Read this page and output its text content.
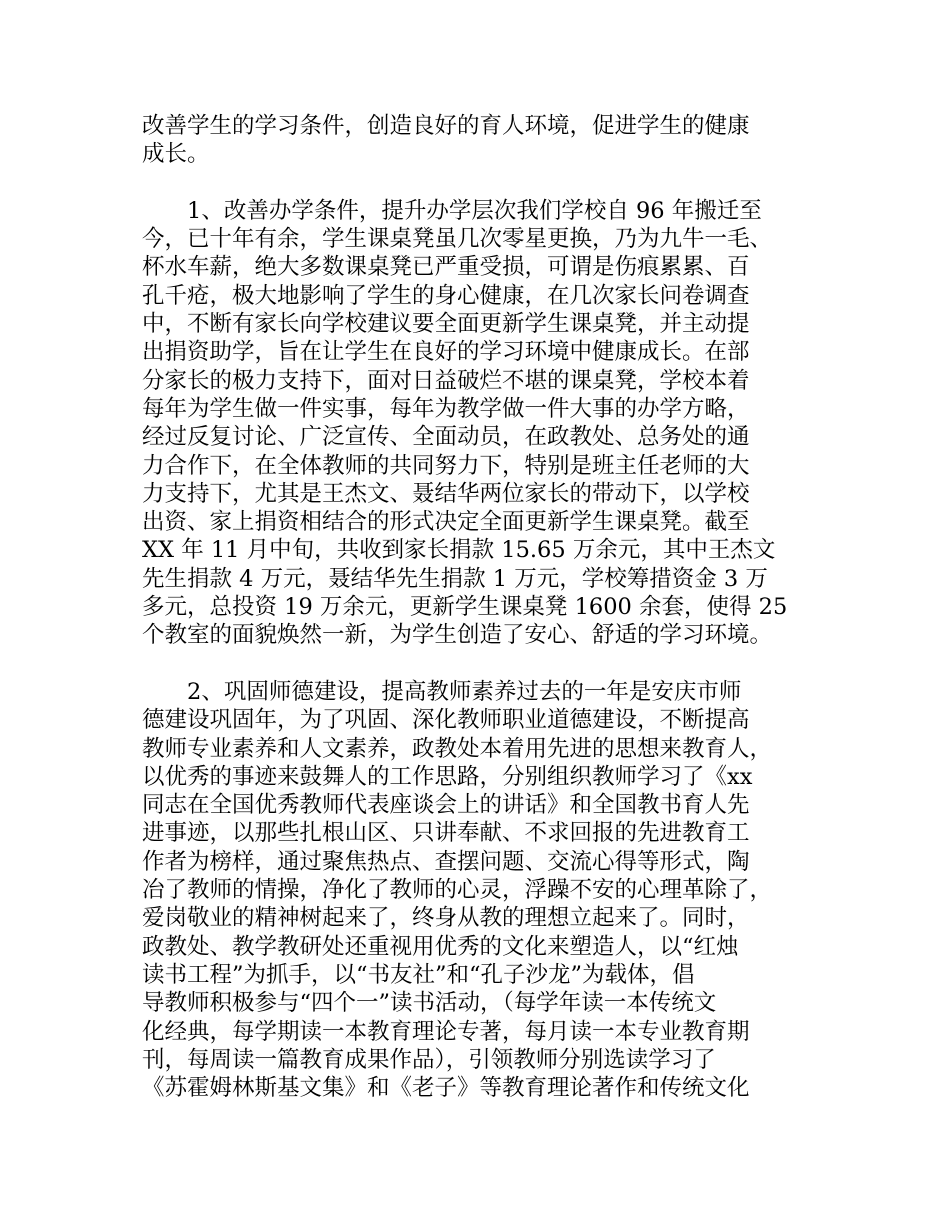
改善学生的学习条件，创造良好的育人环境，促进学生的健康
成长。
1、改善办学条件，提升办学层次我们学校自 96 年搬迁至
今，已十年有余，学生课桌凳虽几次零星更换，乃为九牛一毛、
杯水车薪，绝大多数课桌凳已严重受损，可谓是伤痕累累、百
孔千疮，极大地影响了学生的身心健康，在几次家长问卷调查
中，不断有家长向学校建议要全面更新学生课桌凳，并主动提
出捐资助学，旨在让学生在良好的学习环境中健康成长。在部
分家长的极力支持下，面对日益破烂不堪的课桌凳，学校本着
每年为学生做一件实事，每年为教学做一件大事的办学方略，
经过反复讨论、广泛宣传、全面动员，在政教处、总务处的通
力合作下，在全体教师的共同努力下，特别是班主任老师的大
力支持下，尤其是王杰文、聂结华两位家长的带动下，以学校
出资、家上捐资相结合的形式决定全面更新学生课桌凳。截至
XX 年 11 月中旬，共收到家长捐款 15.65 万余元，其中王杰文
先生捐款 4 万元，聂结华先生捐款 1 万元，学校筹措资金 3 万
多元，总投资 19 万余元，更新学生课桌凳 1600 余套，使得 25
个教室的面貌焕然一新，为学生创造了安心、舒适的学习环境。
2、巩固师德建设，提高教师素养过去的一年是安庆市师
德建设巩固年，为了巩固、深化教师职业道德建设，不断提高
教师专业素养和人文素养，政教处本着用先进的思想来教育人，
以优秀的事迹来鼓舞人的工作思路，分别组织教师学习了《xx
同志在全国优秀教师代表座谈会上的讲话》和全国教书育人先
进事迹，以那些扎根山区、只讲奉献、不求回报的先进教育工
作者为榜样，通过聚焦热点、查摆问题、交流心得等形式，陶
冶了教师的情操，净化了教师的心灵，浮躁不安的心理革除了，
爱岗敬业的精神树起来了，终身从教的理想立起来了。同时，
政教处、教学教研处还重视用优秀的文化来塑造人，以“红烛
读书工程”为抓手，以“书友社”和“孔子沙龙”为载体，倡
导教师积极参与“四个一”读书活动，（每学年读一本传统文
化经典，每学期读一本教育理论专著，每月读一本专业教育期
刊，每周读一篇教育成果作品），引领教师分别选读学习了
《苏霍姆林斯基文集》和《老子》等教育理论著作和传统文化
